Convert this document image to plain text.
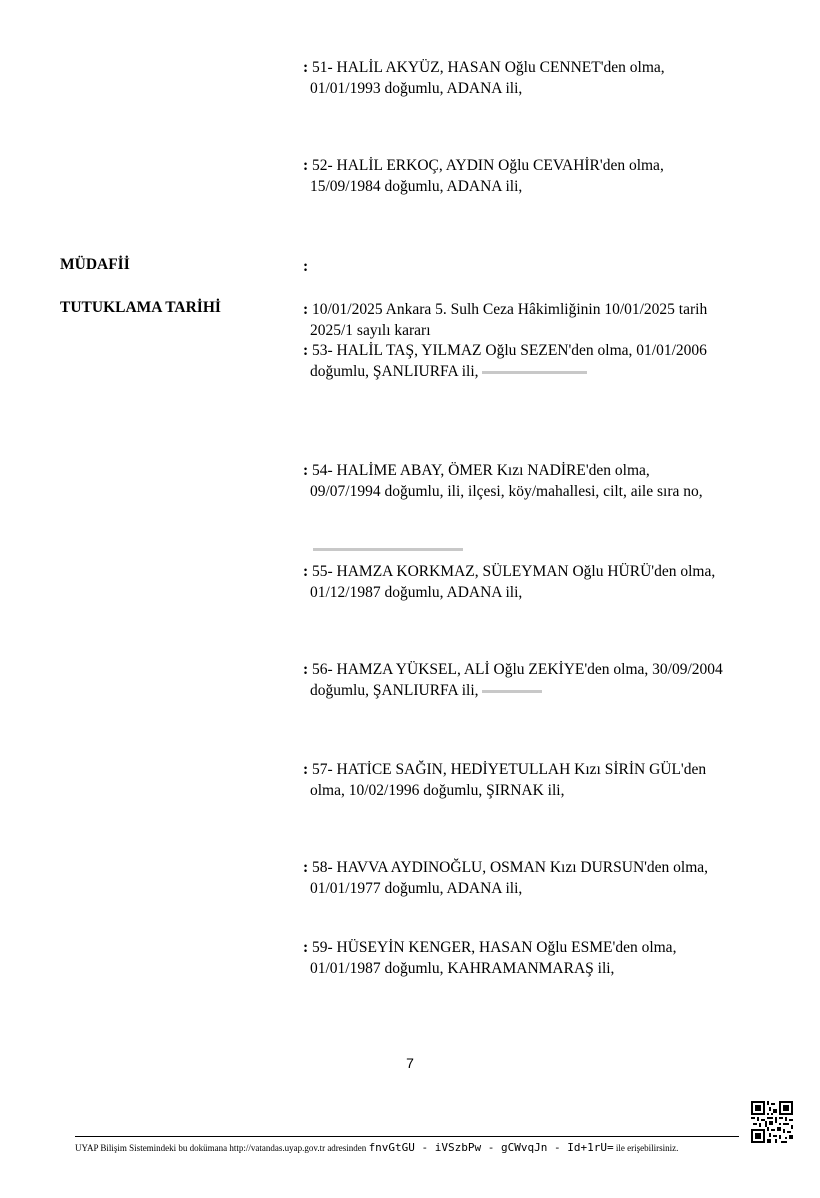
: 51- HALİL AKYÜZ, HASAN Oğlu CENNET'den olma,
01/01/1993 doğumlu, ADANA ili,
: 52- HALİL ERKOÇ, AYDIN Oğlu CEVAHİR'den olma,
15/09/1984 doğumlu, ADANA ili,
MÜDAFİİ	:
TUTUKLAMA TARİHİ	: 10/01/2025 Ankara 5. Sulh Ceza Hâkimliğinin 10/01/2025 tarih
2025/1 sayılı kararı
: 53- HALİL TAŞ, YILMAZ Oğlu SEZEN'den olma, 01/01/2006
doğumlu, ŞANLIURFA ili,
: 54- HALİME ABAY, ÖMER Kızı NADİRE'den olma,
09/07/1994 doğumlu, ili, ilçesi, köy/mahallesi, cilt, aile sıra no,
: 55- HAMZA KORKMAZ, SÜLEYMAN Oğlu HÜRÜ'den olma,
01/12/1987 doğumlu, ADANA ili,
: 56- HAMZA YÜKSEL, ALİ Oğlu ZEKİYE'den olma, 30/09/2004
doğumlu, ŞANLIURFA ili,
: 57- HATİCE SAĞIN, HEDİYETULLAH Kızı SİRİN GÜL'den
olma, 10/02/1996 doğumlu, ŞIRNAK ili,
: 58- HAVVA AYDINOĞLU, OSMAN Kızı DURSUN'den olma,
01/01/1977 doğumlu, ADANA ili,
: 59- HÜSEYİN KENGER, HASAN Oğlu ESME'den olma,
01/01/1987 doğumlu, KAHRAMANMARAŞ ili,
7
UYAP Bilişim Sistemindeki bu dokümana http://vatandas.uyap.gov.tr adresinden fnvGtGU - iVSzbPw - gCWvqJn - Id+1rU= ile erişebilirsiniz.
